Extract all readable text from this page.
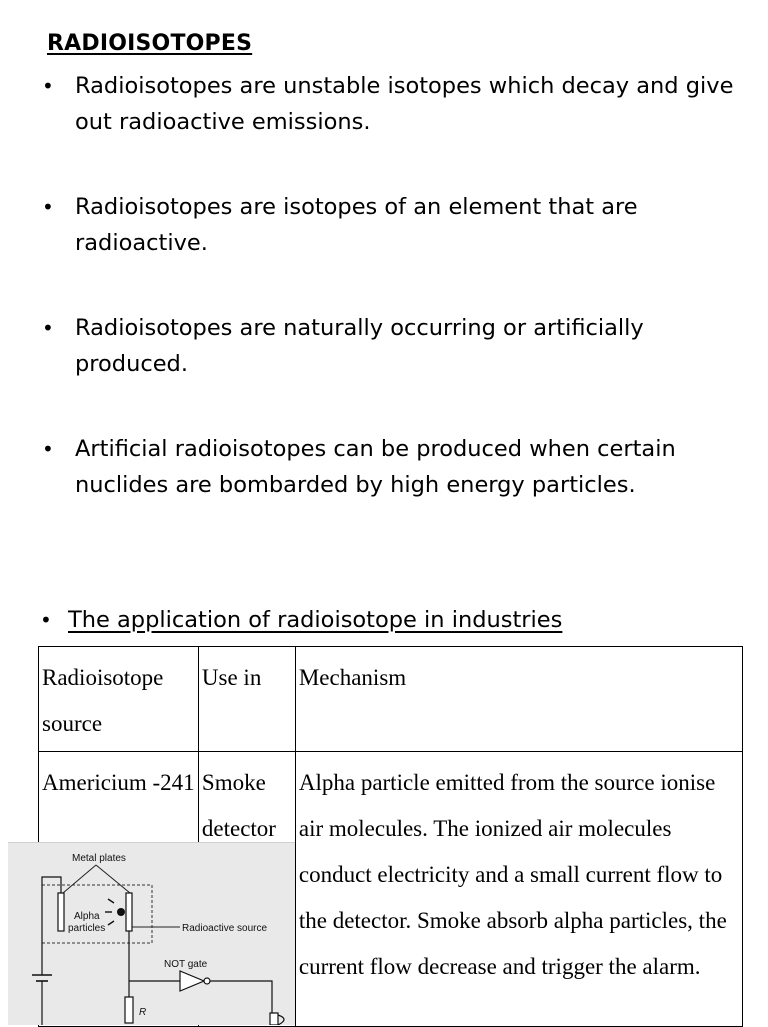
RADIOISOTOPES
• Radioisotopes are unstable isotopes which decay and give out radioactive emissions.
• Radioisotopes are isotopes of an element that are radioactive.
• Radioisotopes are naturally occurring or artificially produced.
• Artificial radioisotopes can be produced when certain nuclides are bombarded by high energy particles.
• The application of radioisotope in industries
Radioisotope source	Use in	Mechanism
Americium -241	Smoke detector	Alpha particle emitted from the source ionise air molecules. The ionized air molecules conduct electricity and a small current flow to the detector. Smoke absorb alpha particles, the current flow decrease and trigger the alarm.
Metal plates
Alpha
particles	Radioactive source
NOT gate
R
